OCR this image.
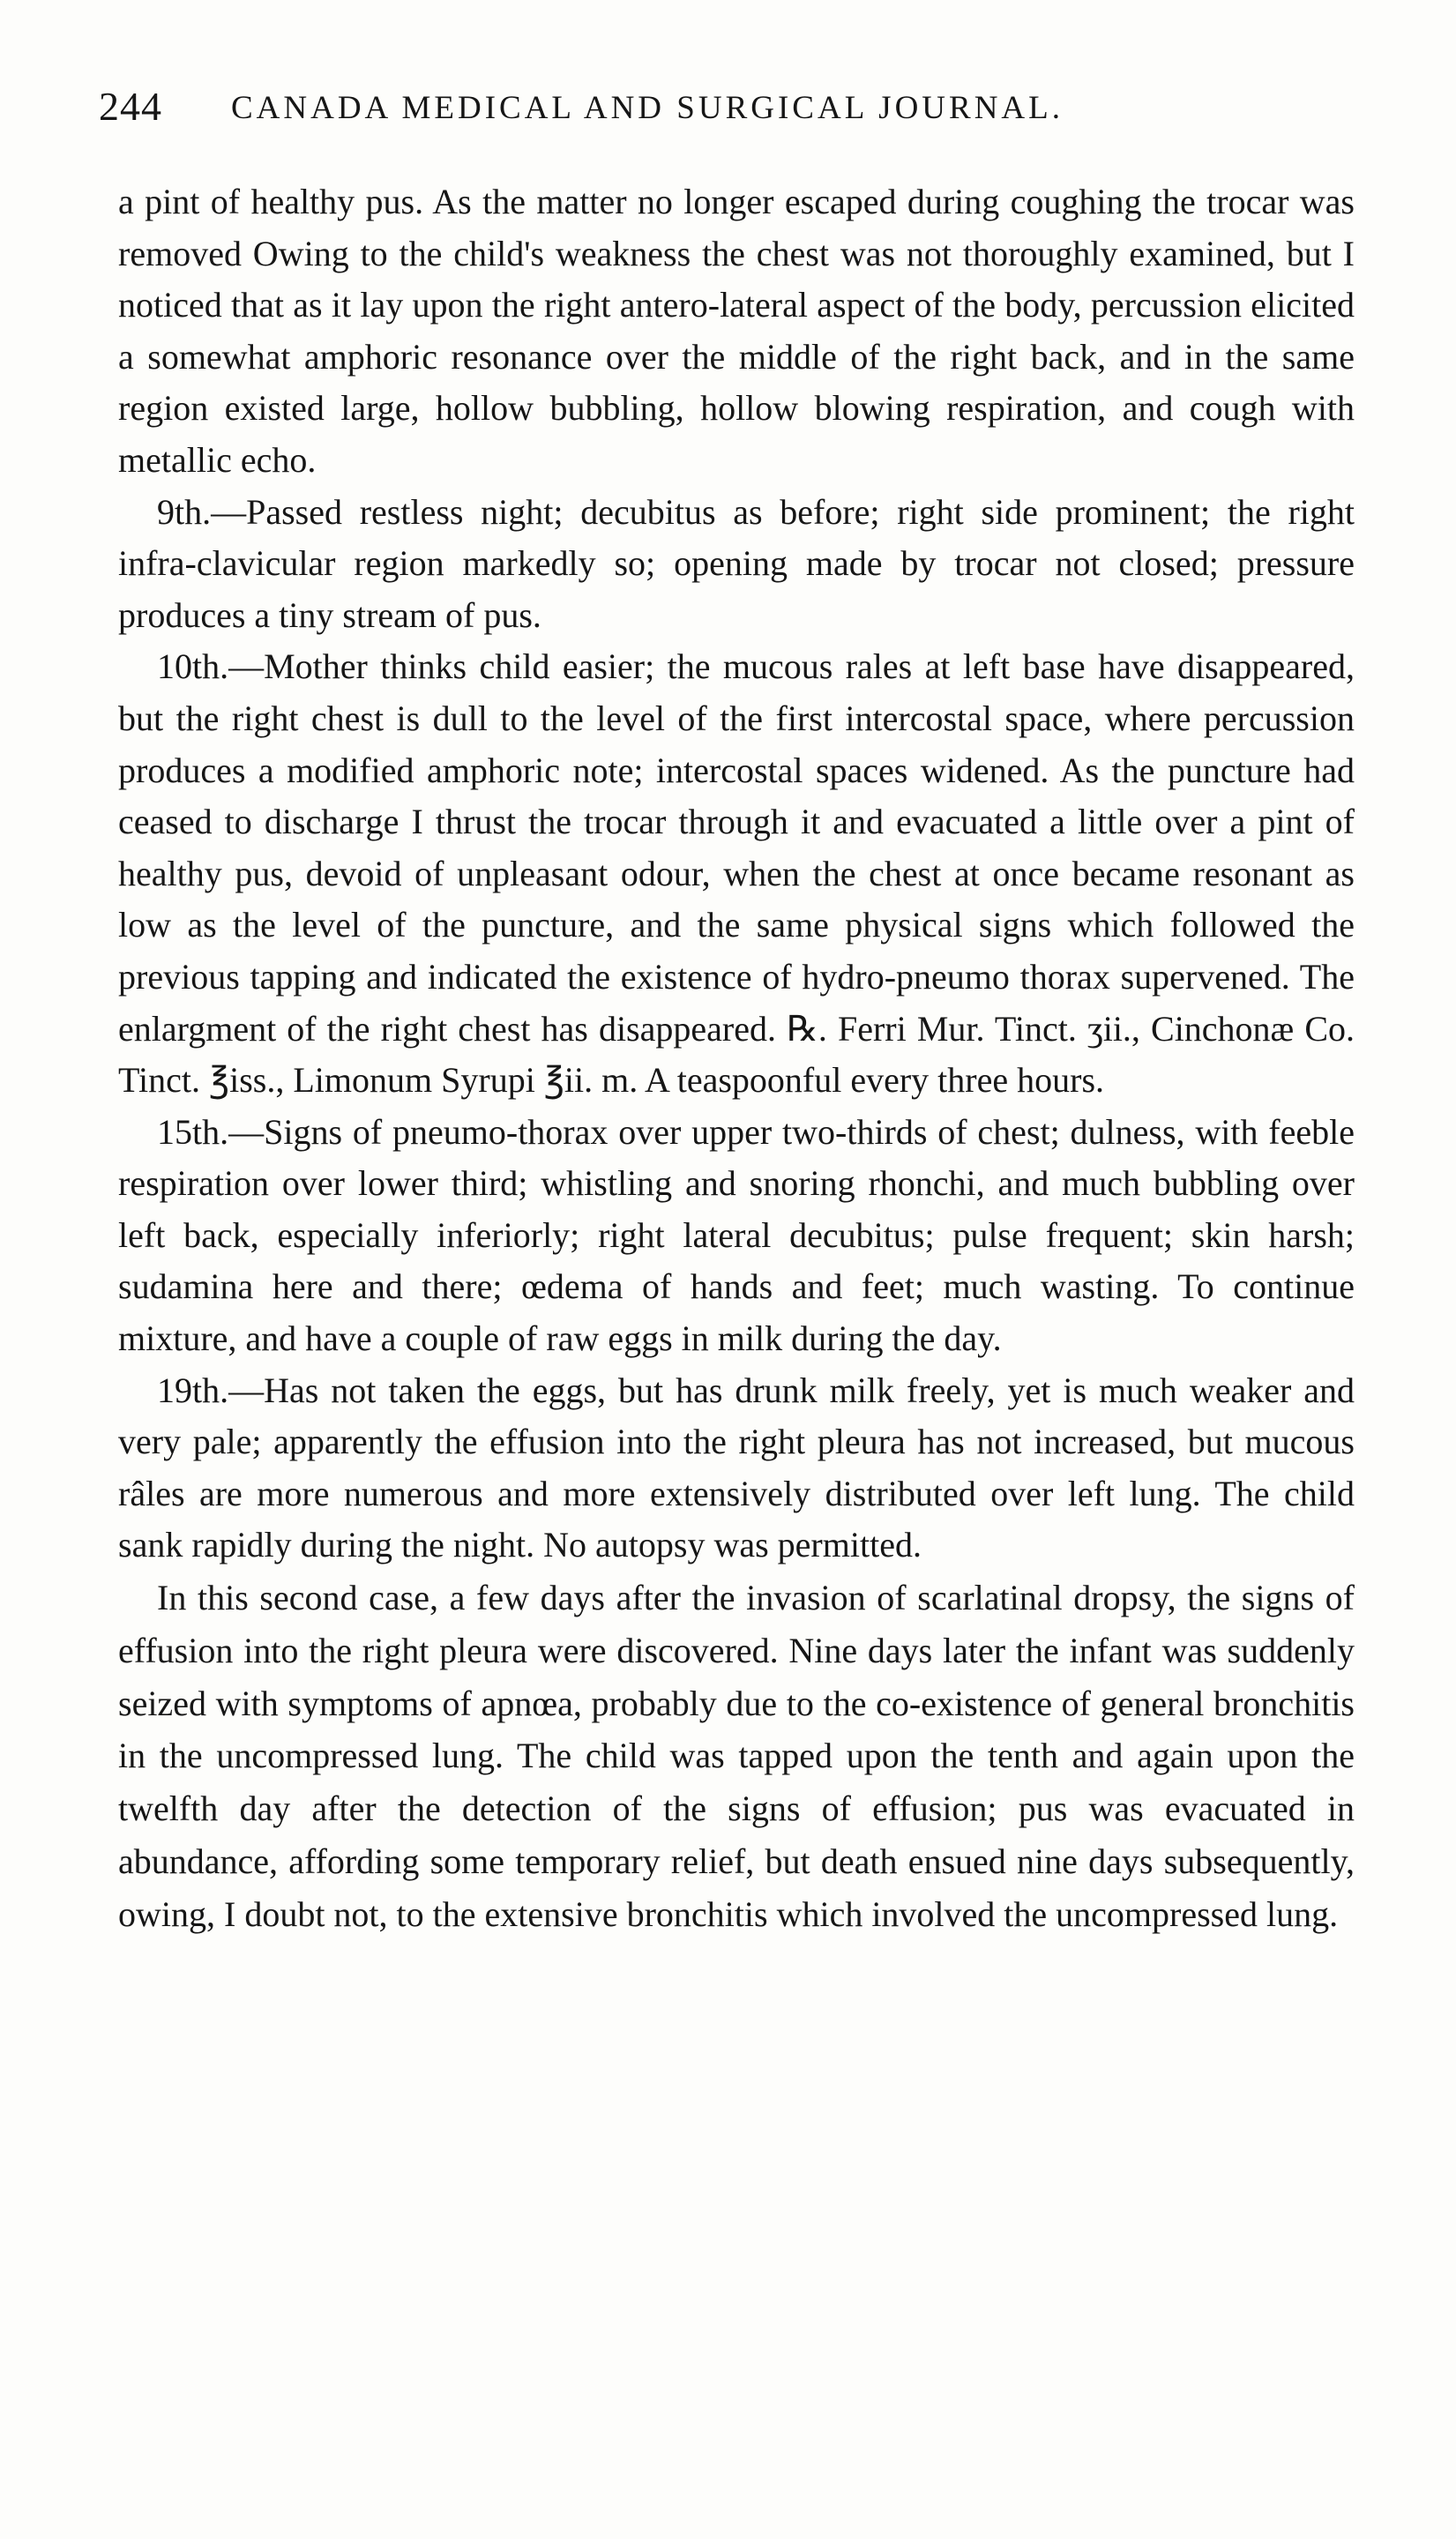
244 CANADA MEDICAL AND SURGICAL JOURNAL.

a pint of healthy pus. As the matter no longer escaped during coughing the trocar was removed Owing to the child's weakness the chest was not thoroughly examined, but I noticed that as it lay upon the right antero-lateral aspect of the body, percussion elicited a somewhat amphoric resonance over the middle of the right back, and in the same region existed large, hollow bubbling, hollow blowing respiration, and cough with metallic echo.

9th.—Passed restless night; decubitus as before; right side prominent; the right infra-clavicular region markedly so; opening made by trocar not closed; pressure produces a tiny stream of pus.

10th.—Mother thinks child easier; the mucous rales at left base have disappeared, but the right chest is dull to the level of the first intercostal space, where percussion produces a modified amphoric note; intercostal spaces widened. As the puncture had ceased to discharge I thrust the trocar through it and evacuated a little over a pint of healthy pus, devoid of unpleasant odour, when the chest at once became resonant as low as the level of the puncture, and the same physical signs which followed the previous tapping and indicated the existence of hydro-pneumo thorax supervened. The enlargment of the right chest has disappeared. ℞. Ferri Mur. Tinct. ʒii., Cinchonæ Co. Tinct. ℥iss., Limonum Syrupi ℥ii. m. A teaspoonful every three hours.

15th.—Signs of pneumo-thorax over upper two-thirds of chest; dulness, with feeble respiration over lower third; whistling and snoring rhonchi, and much bubbling over left back, especially inferiorly; right lateral decubitus; pulse frequent; skin harsh; sudamina here and there; œdema of hands and feet; much wasting. To continue mixture, and have a couple of raw eggs in milk during the day.

19th.—Has not taken the eggs, but has drunk milk freely, yet is much weaker and very pale; apparently the effusion into the right pleura has not increased, but mucous râles are more numerous and more extensively distributed over left lung. The child sank rapidly during the night. No autopsy was permitted.

In this second case, a few days after the invasion of scarlatinal dropsy, the signs of effusion into the right pleura were discovered. Nine days later the infant was suddenly seized with symptoms of apnœa, probably due to the co-existence of general bronchitis in the uncompressed lung. The child was tapped upon the tenth and again upon the twelfth day after the detection of the signs of effusion; pus was evacuated in abundance, affording some temporary relief, but death ensued nine days subsequently, owing, I doubt not, to the extensive bronchitis which involved the uncompressed lung.
